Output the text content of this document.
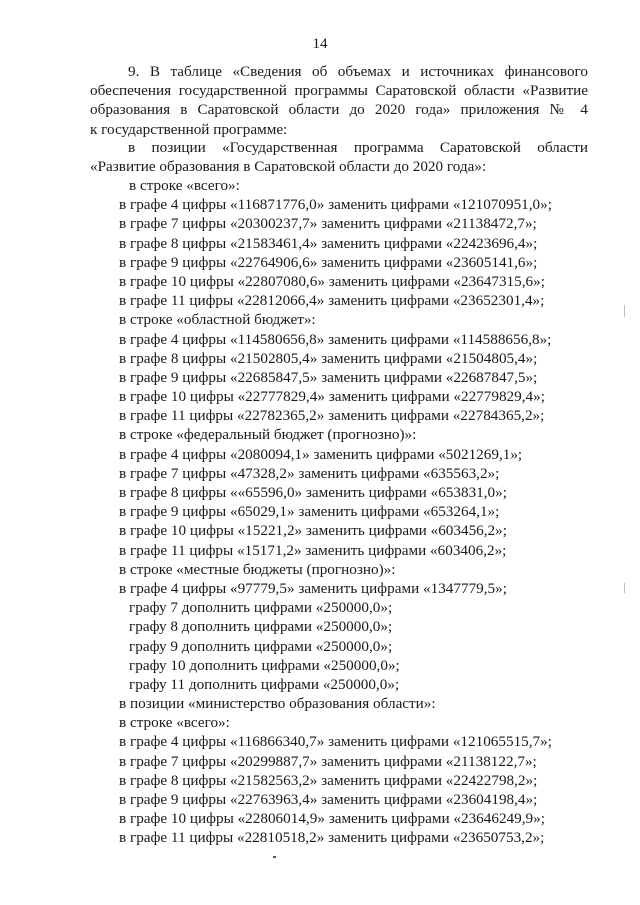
14
9. В таблице «Сведения об объемах и источниках финансового
обеспечения государственной программы Саратовской области «Развитие
образования в Саратовской области до 2020 года» приложения № 4
к государственной программе:
в позиции «Государственная программа Саратовской области
«Развитие образования в Саратовской области до 2020 года»:
в строке «всего»:
в графе 4 цифры «116871776,0» заменить цифрами «121070951,0»;
в графе 7 цифры «20300237,7» заменить цифрами «21138472,7»;
в графе 8 цифры «21583461,4» заменить цифрами «22423696,4»;
в графе 9 цифры «22764906,6» заменить цифрами «23605141,6»;
в графе 10 цифры «22807080,6» заменить цифрами «23647315,6»;
в графе 11 цифры «22812066,4» заменить цифрами «23652301,4»;
в строке «областной бюджет»:
в графе 4 цифры «114580656,8» заменить цифрами «114588656,8»;
в графе 8 цифры «21502805,4» заменить цифрами «21504805,4»;
в графе 9 цифры «22685847,5» заменить цифрами «22687847,5»;
в графе 10 цифры «22777829,4» заменить цифрами «22779829,4»;
в графе 11 цифры «22782365,2» заменить цифрами «22784365,2»;
в строке «федеральный бюджет (прогнозно)»:
в графе 4 цифры «2080094,1» заменить цифрами «5021269,1»;
в графе 7 цифры «47328,2» заменить цифрами «635563,2»;
в графе 8 цифры ««65596,0» заменить цифрами «653831,0»;
в графе 9 цифры «65029,1» заменить цифрами «653264,1»;
в графе 10 цифры «15221,2» заменить цифрами «603456,2»;
в графе 11 цифры «15171,2» заменить цифрами «603406,2»;
в строке «местные бюджеты (прогнозно)»:
в графе 4 цифры «97779,5» заменить цифрами «1347779,5»;
графу 7 дополнить цифрами «250000,0»;
графу 8 дополнить цифрами «250000,0»;
графу 9 дополнить цифрами «250000,0»;
графу 10 дополнить цифрами «250000,0»;
графу 11 дополнить цифрами «250000,0»;
в позиции «министерство образования области»:
в строке «всего»:
в графе 4 цифры «116866340,7» заменить цифрами «121065515,7»;
в графе 7 цифры «20299887,7» заменить цифрами «21138122,7»;
в графе 8 цифры «21582563,2» заменить цифрами «22422798,2»;
в графе 9 цифры «22763963,4» заменить цифрами «23604198,4»;
в графе 10 цифры «22806014,9» заменить цифрами «23646249,9»;
в графе 11 цифры «22810518,2» заменить цифрами «23650753,2»;
